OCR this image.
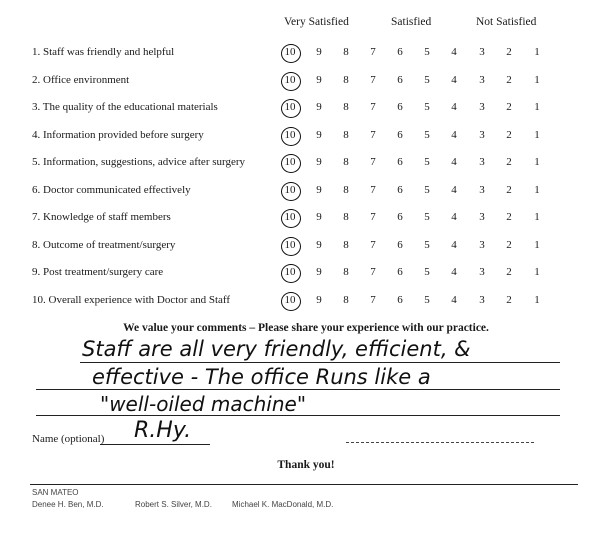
Very Satisfied	Satisfied	Not Satisfied
1. Staff was friendly and helpful	10	9	8	7	6	5	4	3	2	1
2. Office environment	10	9	8	7	6	5	4	3	2	1
3. The quality of the educational materials	10	9	8	7	6	5	4	3	2	1
4. Information provided before surgery	10	9	8	7	6	5	4	3	2	1
5. Information, suggestions, advice after surgery	10	9	8	7	6	5	4	3	2	1
6. Doctor communicated effectively	10	9	8	7	6	5	4	3	2	1
7. Knowledge of staff members	10	9	8	7	6	5	4	3	2	1
8. Outcome of treatment/surgery	10	9	8	7	6	5	4	3	2	1
9. Post treatment/surgery care	10	9	8	7	6	5	4	3	2	1
10. Overall experience with Doctor and Staff	10	9	8	7	6	5	4	3	2	1
We value your comments – Please share your experience with our practice.
Staff are all very friendly, efficient, &
effective - The office Runs like a
"well-oiled machine"
Name (optional) R.Hy.
Thank you!
SAN MATEO
Denee H. Ben, M.D.	Robert S. Silver, M.D.	Michael K. MacDonald, M.D.
